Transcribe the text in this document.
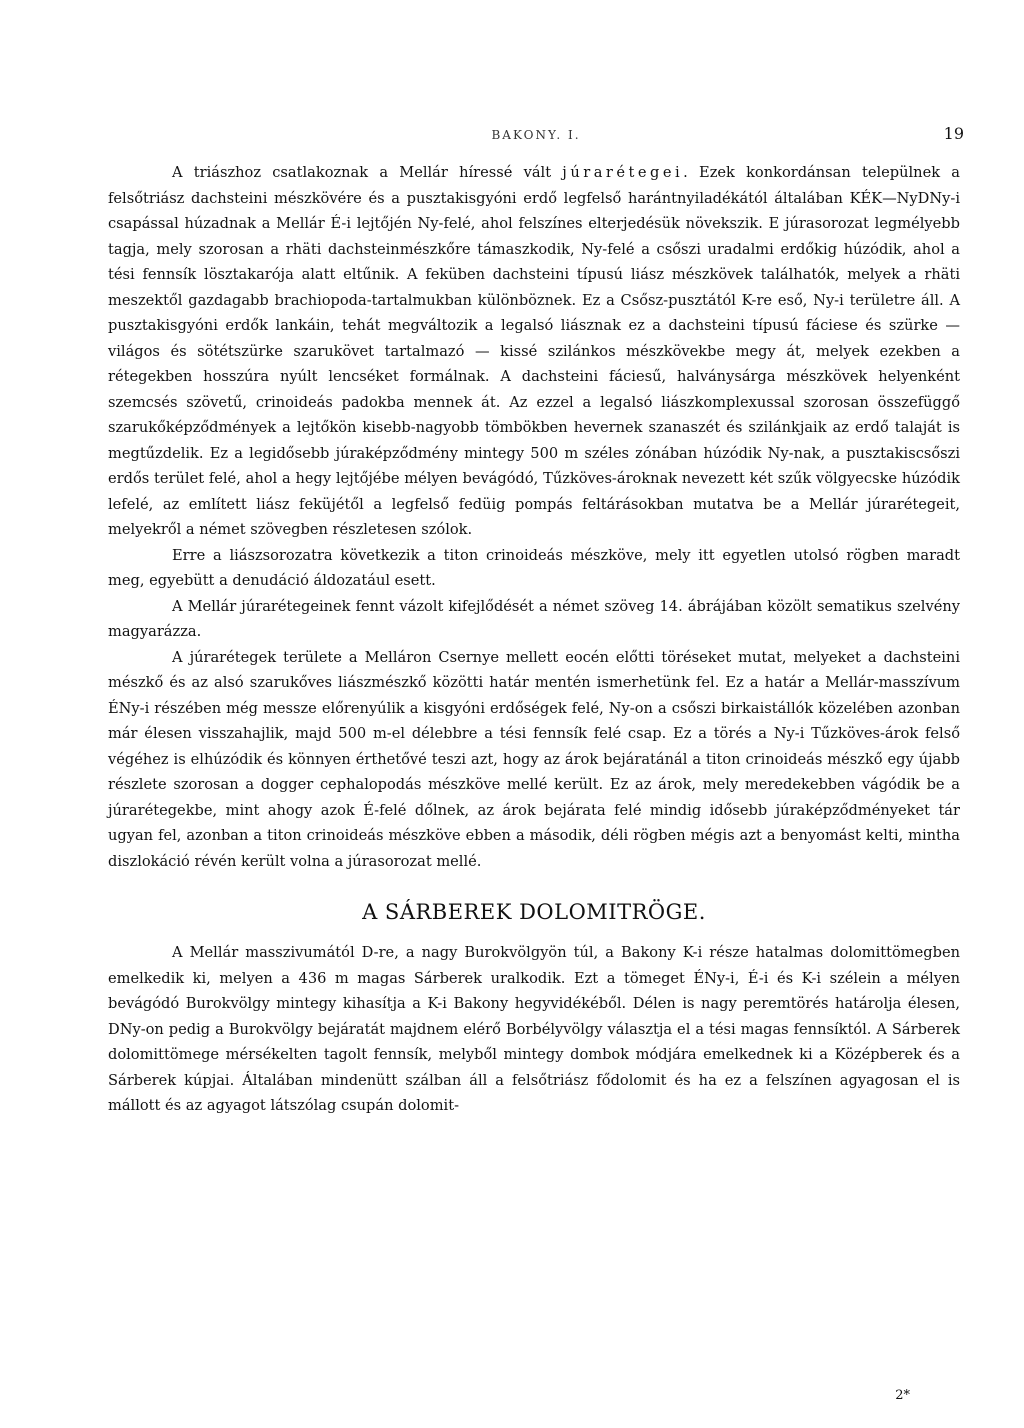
BAKONY. I.	19

A triászhoz csatlakoznak a Mellár híressé vált júrarétegei. Ezek konkordánsan települnek a felsőtriász dachsteini mészkövére és a pusztakisgyóni erdő legfelső harántnyiladékától általában KÉK—NyDNy-i csapással húzadnak a Mellár É-i lejtőjén Ny-felé, ahol felszínes elterjedésük növekszik. E júrasorozat legmélyebb tagja, mely szorosan a rhäti dachsteinmészkőre támaszkodik, Ny-felé a csőszi uradalmi erdőkig húzódik, ahol a tési fennsík lösztakarója alatt eltűnik. A feküben dachsteini típusú liász mészkövek találhatók, melyek a rhäti meszektől gazdagabb brachiopoda-tartalmukban különböznek. Ez a Csősz-pusztától K-re eső, Ny-i területre áll. A pusztakisgyóni erdők lankáin, tehát megváltozik a legalsó liásznak ez a dachsteini típusú fáciese és szürke — világos és sötétszürke szarukövet tartalmazó — kissé szilánkos mészkövekbe megy át, melyek ezekben a rétegekben hosszúra nyúlt lencséket formálnak. A dachsteini fáciesű, halványsárga mészkövek helyenként szemcsés szövetű, crinoideás padokba mennek át. Az ezzel a legalsó liászkomplexussal szorosan összefüggő szarukőképződmények a lejtőkön kisebb-nagyobb tömbökben hevernek szanaszét és szilánkjaik az erdő talaját is megtűzdelik. Ez a legidősebb júraképződmény mintegy 500 m széles zónában húzódik Ny-nak, a pusztakiscsőszi erdős terület felé, ahol a hegy lejtőjébe mélyen bevágódó, Tűzköves-ároknak nevezett két szűk völgyecske húzódik lefelé, az említett liász feküjétől a legfelső fedüig pompás feltárásokban mutatva be a Mellár júrarétegeit, melyekről a német szövegben részletesen szólok.

Erre a liászsorozatra következik a titon crinoideás mészköve, mely itt egyetlen utolsó rögben maradt meg, egyebütt a denudáció áldozatául esett.

A Mellár júrarétegeinek fennt vázolt kifejlődését a német szöveg 14. ábrájában közölt sematikus szelvény magyarázza.

A júrarétegek területe a Melláron Csernye mellett eocén előtti töréseket mutat, melyeket a dachsteini mészkő és az alsó szarukőves liászmészkő közötti határ mentén ismerhetünk fel. Ez a határ a Mellár-masszívum ÉNy-i részében még messze előrenyúlik a kisgyóni erdőségek felé, Ny-on a csőszi birkaistállók közelében azonban már élesen visszahajlik, majd 500 m-el délebbre a tési fennsík felé csap. Ez a törés a Ny-i Tűzköves-árok felső végéhez is elhúzódik és könnyen érthetővé teszi azt, hogy az árok bejáratánál a titon crinoideás mészkő egy újabb részlete szorosan a dogger cephalopodás mészköve mellé került. Ez az árok, mely meredekebben vágódik be a júrarétegekbe, mint ahogy azok É-felé dőlnek, az árok bejárata felé mindig idősebb júraképződményeket tár ugyan fel, azonban a titon crinoideás mészköve ebben a második, déli rögben mégis azt a benyomást kelti, mintha diszlokáció révén került volna a júrasorozat mellé.

A SÁRBEREK DOLOMITRÖGE.

A Mellár masszivumától D-re, a nagy Burokvölgyön túl, a Bakony K-i része hatalmas dolomittömegben emelkedik ki, melyen a 436 m magas Sárberek uralkodik. Ezt a tömeget ÉNy-i, É-i és K-i szélein a mélyen bevágódó Burokvölgy mintegy kihasítja a K-i Bakony hegyvidékéből. Délen is nagy peremtörés határolja élesen, DNy-on pedig a Burokvölgy bejáratát majdnem elérő Borbélyvölgy választja el a tési magas fennsíktól. A Sárberek dolomittömege mérsékelten tagolt fennsík, melyből mintegy dombok módjára emelkednek ki a Középberek és a Sárberek kúpjai. Általában mindenütt szálban áll a felsőtriász fődolomit és ha ez a felszínen agyagosan el is mállott és az agyagot látszólag csupán dolomit-

2*
